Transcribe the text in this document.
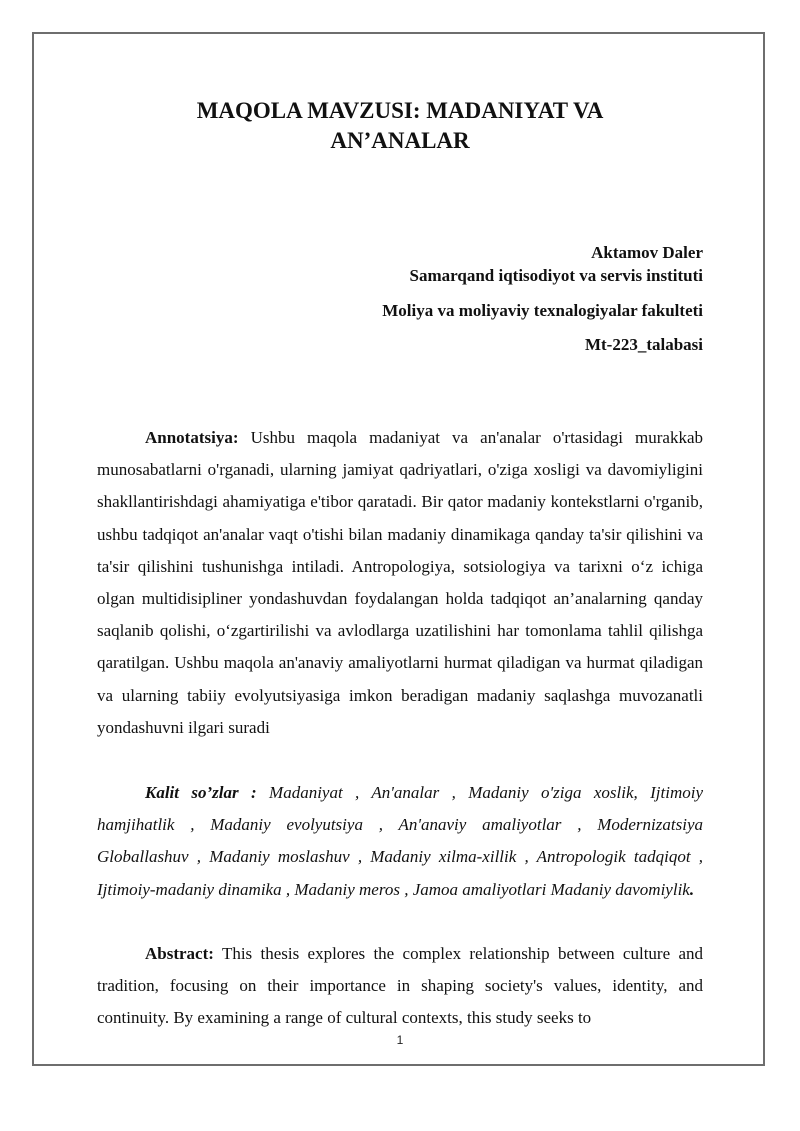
MAQOLA MAVZUSI: MADANIYAT VA
AN’ANALAR

Aktamov Daler

Samarqand iqtisodiyot va servis instituti

Moliya va moliyaviy texnalogiyalar fakulteti

Mt-223_talabasi

Annotatsiya: Ushbu maqola madaniyat va an'analar o'rtasidagi murakkab munosabatlarni o'rganadi, ularning jamiyat qadriyatlari, o'ziga xosligi va davomiyligini shakllantirishdagi ahamiyatiga e'tibor qaratadi. Bir qator madaniy kontekstlarni o'rganib, ushbu tadqiqot an'analar vaqt o'tishi bilan madaniy dinamikaga qanday ta'sir qilishini va ta'sir qilishini tushunishga intiladi. Antropologiya, sotsiologiya va tarixni o‘z ichiga olgan multidisipliner yondashuvdan foydalangan holda tadqiqot an’analarning qanday saqlanib qolishi, o‘zgartirilishi va avlodlarga uzatilishini har tomonlama tahlil qilishga qaratilgan. Ushbu maqola an'anaviy amaliyotlarni hurmat qiladigan va hurmat qiladigan va ularning tabiiy evolyutsiyasiga imkon beradigan madaniy saqlashga muvozanatli yondashuvni ilgari suradi

Kalit so’zlar : Madaniyat , An'analar , Madaniy o'ziga xoslik, Ijtimoiy hamjihatlik , Madaniy evolyutsiya , An'anaviy amaliyotlar , Modernizatsiya Globallashuv , Madaniy moslashuv , Madaniy xilma-xillik , Antropologik tadqiqot , Ijtimoiy-madaniy dinamika , Madaniy meros , Jamoa amaliyotlari Madaniy davomiylik.

Abstract: This thesis explores the complex relationship between culture and tradition, focusing on their importance in shaping society's values, identity, and continuity. By examining a range of cultural contexts, this study seeks to

1
